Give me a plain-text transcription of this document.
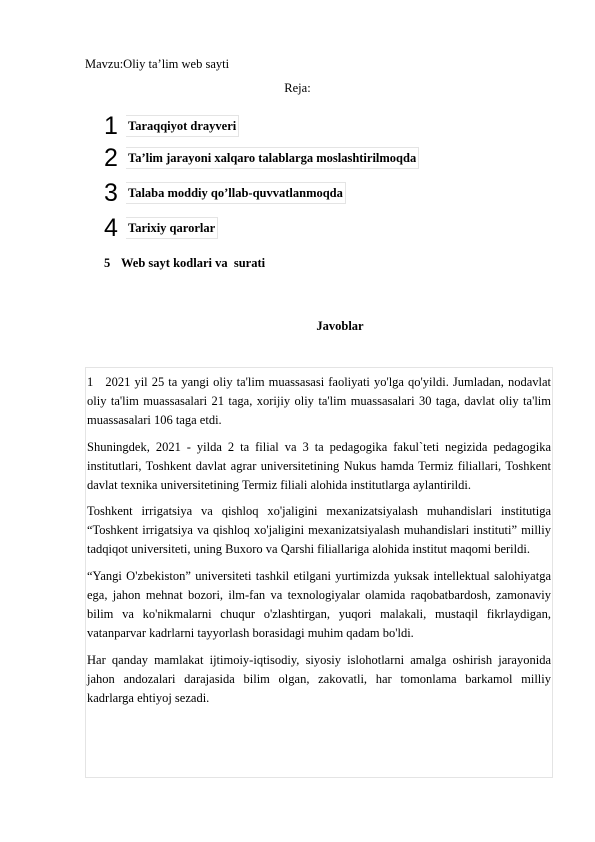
Mavzu:Oliy ta’lim web sayti
Reja:
1 Taraqqiyot drayveri
2 Ta’lim jarayoni xalqaro talablarga moslashtirilmoqda
3 Talaba moddiy qo’llab-quvvatlanmoqda
4 Tarixiy qarorlar
5 Web sayt kodlari va  surati
Javoblar

1   2021 yil 25 ta yangi oliy ta'lim muassasasi faoliyati yo'lga qo'yildi. Jumladan, nodavlat oliy ta'lim muassasalari 21 taga, xorijiy oliy ta'lim muassasalari 30 taga, davlat oliy ta'lim muassasalari 106 taga etdi.

Shuningdek, 2021 - yilda 2 ta filial va 3 ta pedagogika fakul`teti negizida pedagogika institutlari, Toshkent davlat agrar universitetining Nukus hamda Termiz filiallari, Toshkent davlat texnika universitetining Termiz filiali alohida institutlarga aylantirildi.

Toshkent irrigatsiya va qishloq xo'jaligini mexanizatsiyalash muhandislari institutiga “Toshkent irrigatsiya va qishloq xo'jaligini mexanizatsiyalash muhandislari instituti” milliy tadqiqot universiteti, uning Buxoro va Qarshi filiallariga alohida institut maqomi berildi.

“Yangi O'zbekiston” universiteti tashkil etilgani yurtimizda yuksak intellektual salohiyatga ega, jahon mehnat bozori, ilm-fan va texnologiyalar olamida raqobatbardosh, zamonaviy bilim va ko'nikmalarni chuqur o'zlashtirgan, yuqori malakali, mustaqil fikrlaydigan, vatanparvar kadrlarni tayyorlash borasidagi muhim qadam bo'ldi.

Har qanday mamlakat ijtimoiy-iqtisodiy, siyosiy islohotlarni amalga oshirish jarayonida jahon andozalari darajasida bilim olgan, zakovatli, har tomonlama barkamol milliy kadrlarga ehtiyoj sezadi.
